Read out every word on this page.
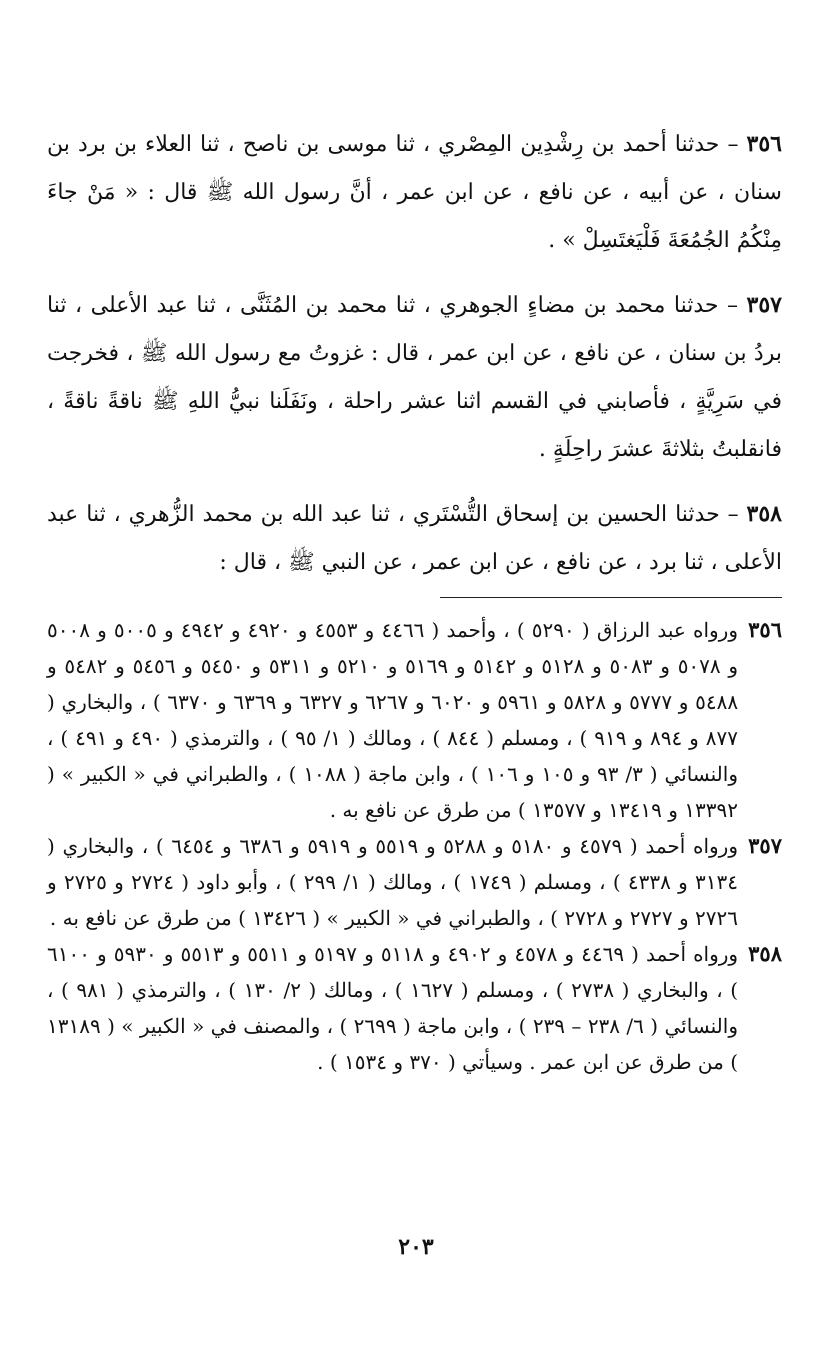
٣٥٦ – حدثنا أحمد بن رِشْدِين المِصْري ، ثنا موسى بن ناصح ، ثنا العلاء بن برد بن سنان ، عن أبيه ، عن نافع ، عن ابن عمر ، أنَّ رسول الله ﷺ قال : « مَنْ جاءَ مِنْكُمُ الجُمُعَةَ فَلْيَغتَسِلْ » .

٣٥٧ – حدثنا محمد بن مضاءٍ الجوهري ، ثنا محمد بن المُثَنَّى ، ثنا عبد الأعلى ، ثنا بردُ بن سنان ، عن نافع ، عن ابن عمر ، قال : غزوتُ مع رسول الله ﷺ ، فخرجت في سَرِيَّةٍ ، فأصابني في القسم اثنا عشر راحلة ، ونَفَلَنا نبيُّ اللهِ ﷺ ناقةً ناقةً ، فانقلبتُ بثلاثةَ عشرَ راحِلَةٍ .

٣٥٨ – حدثنا الحسين بن إسحاق التُّسْتَري ، ثنا عبد الله بن محمد الزُّهري ، ثنا عبد الأعلى ، ثنا برد ، عن نافع ، عن ابن عمر ، عن النبي ﷺ ، قال :

٣٥٦
ورواه عبد الرزاق ( ٥٢٩٠ ) ، وأحمد ( ٤٤٦٦ و ٤٥٥٣ و ٤٩٢٠ و ٤٩٤٢ و ٥٠٠٥ و ٥٠٠٨ و ٥٠٧٨ و ٥٠٨٣ و ٥١٢٨ و ٥١٤٢ و ٥١٦٩ و ٥٢١٠ و ٥٣١١ و ٥٤٥٠ و ٥٤٥٦ و ٥٤٨٢ و ٥٤٨٨ و ٥٧٧٧ و ٥٨٢٨ و ٥٩٦١ و ٦٠٢٠ و ٦٢٦٧ و ٦٣٢٧ و ٦٣٦٩ و ٦٣٧٠ ) ، والبخاري ( ٨٧٧ و ٨٩٤ و ٩١٩ ) ، ومسلم ( ٨٤٤ ) ، ومالك ( ١/ ٩٥ ) ، والترمذي ( ٤٩٠ و ٤٩١ ) ، والنسائي ( ٣/ ٩٣ و ١٠٥ و ١٠٦ ) ، وابن ماجة ( ١٠٨٨ ) ، والطبراني في « الكبير » ( ١٣٣٩٢ و ١٣٤١٩ و ١٣٥٧٧ ) من طرق عن نافع به .
٣٥٧
ورواه أحمد ( ٤٥٧٩ و ٥١٨٠ و ٥٢٨٨ و ٥٥١٩ و ٥٩١٩ و ٦٣٨٦ و ٦٤٥٤ ) ، والبخاري ( ٣١٣٤ و ٤٣٣٨ ) ، ومسلم ( ١٧٤٩ ) ، ومالك ( ١/ ٢٩٩ ) ، وأبو داود ( ٢٧٢٤ و ٢٧٢٥ و ٢٧٢٦ و ٢٧٢٧ و ٢٧٢٨ ) ، والطبراني في « الكبير » ( ١٣٤٢٦ ) من طرق عن نافع به .
٣٥٨
ورواه أحمد ( ٤٤٦٩ و ٤٥٧٨ و ٤٩٠٢ و ٥١١٨ و ٥١٩٧ و ٥٥١١ و ٥٥١٣ و ٥٩٣٠ و ٦١٠٠ ) ، والبخاري ( ٢٧٣٨ ) ، ومسلم ( ١٦٢٧ ) ، ومالك ( ٢/ ١٣٠ ) ، والترمذي ( ٩٨١ ) ، والنسائي ( ٦/ ٢٣٨ – ٢٣٩ ) ، وابن ماجة ( ٢٦٩٩ ) ، والمصنف في « الكبير » ( ١٣١٨٩ ) من طرق عن ابن عمر . وسيأتي ( ٣٧٠ و ١٥٣٤ ) .
٢٠٣
